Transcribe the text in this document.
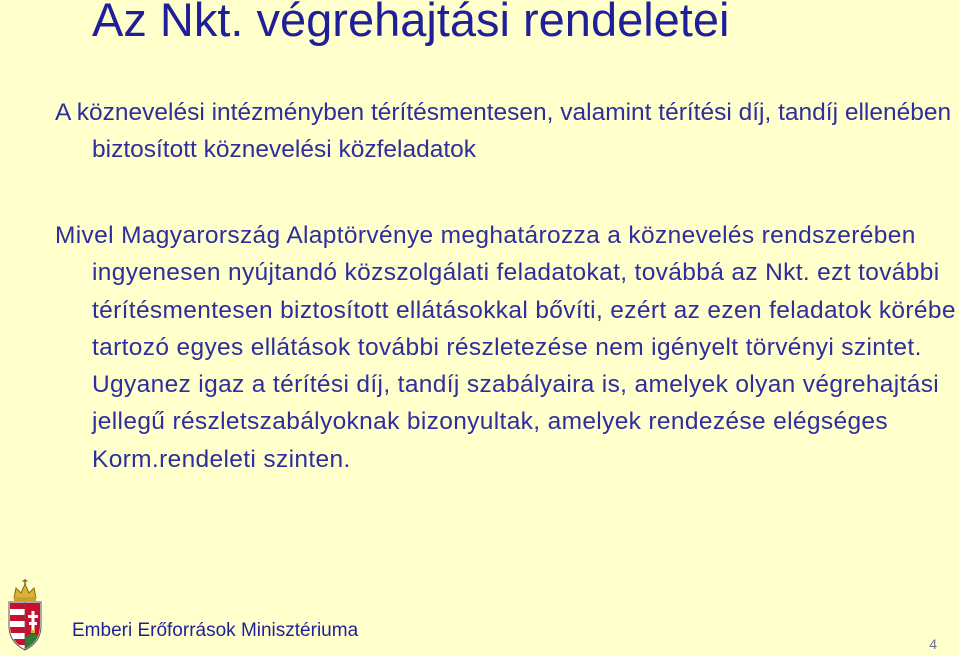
Az Nkt. végrehajtási rendeletei
A köznevelési intézményben térítésmentesen, valamint térítési díj, tandíj ellenében biztosított köznevelési közfeladatok
Mivel Magyarország Alaptörvénye meghatározza a köznevelés rendszerében ingyenesen nyújtandó közszolgálati feladatokat, továbbá az Nkt. ezt további térítésmentesen biztosított ellátásokkal bővíti, ezért az ezen feladatok körébe tartozó egyes ellátások további részletezése nem igényelt törvényi szintet. Ugyanez igaz a térítési díj, tandíj szabályaira is, amelyek olyan végrehajtási jellegű részletszabályoknak bizonyultak, amelyek rendezése elégséges Korm.rendeleti szinten.
Emberi Erőforrások Minisztériuma
4
